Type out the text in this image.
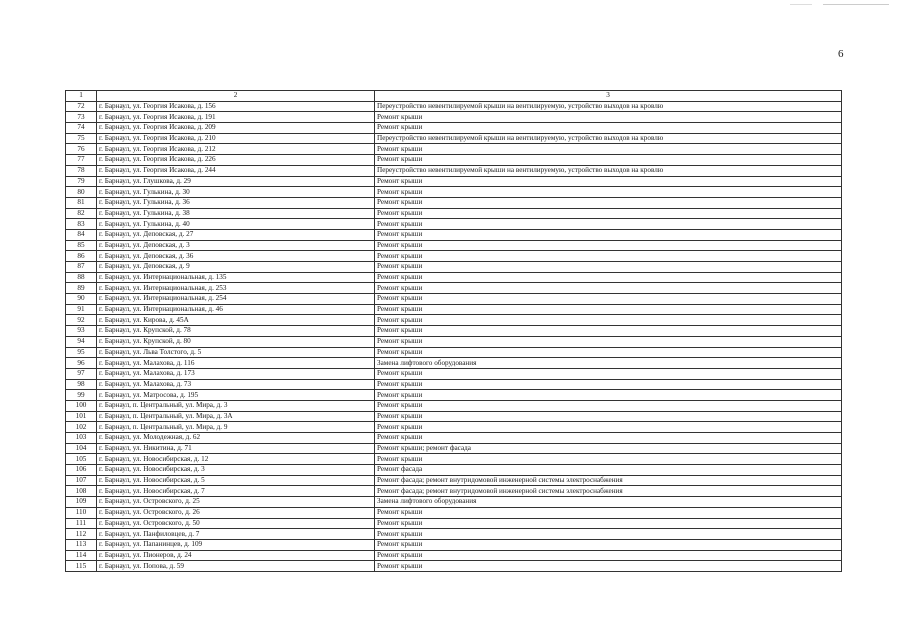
6
1	2	3
72	г. Барнаул, ул. Георгия Исакова, д. 156	Переустройство невентилируемой крыши на вентилируемую, устройство выходов на кровлю
73	г. Барнаул, ул. Георгия Исакова, д. 191	Ремонт крыши
74	г. Барнаул, ул. Георгия Исакова, д. 209	Ремонт крыши
75	г. Барнаул, ул. Георгия Исакова, д. 210	Переустройство невентилируемой крыши на вентилируемую, устройство выходов на кровлю
76	г. Барнаул, ул. Георгия Исакова, д. 212	Ремонт крыши
77	г. Барнаул, ул. Георгия Исакова, д. 226	Ремонт крыши
78	г. Барнаул, ул. Георгия Исакова, д. 244	Переустройство невентилируемой крыши на вентилируемую, устройство выходов на кровлю
79	г. Барнаул, ул. Глушкова, д. 29	Ремонт крыши
80	г. Барнаул, ул. Гулькина, д. 30	Ремонт крыши
81	г. Барнаул, ул. Гулькина, д. 36	Ремонт крыши
82	г. Барнаул, ул. Гулькина, д. 38	Ремонт крыши
83	г. Барнаул, ул. Гулькина, д. 40	Ремонт крыши
84	г. Барнаул, ул. Деповская, д. 27	Ремонт крыши
85	г. Барнаул, ул. Деповская, д. 3	Ремонт крыши
86	г. Барнаул, ул. Деповская, д. 36	Ремонт крыши
87	г. Барнаул, ул. Деповская, д. 9	Ремонт крыши
88	г. Барнаул, ул. Интернациональная, д. 135	Ремонт крыши
89	г. Барнаул, ул. Интернациональная, д. 253	Ремонт крыши
90	г. Барнаул, ул. Интернациональная, д. 254	Ремонт крыши
91	г. Барнаул, ул. Интернациональная, д. 46	Ремонт крыши
92	г. Барнаул, ул. Кирова, д. 45А	Ремонт крыши
93	г. Барнаул, ул. Крупской, д. 78	Ремонт крыши
94	г. Барнаул, ул. Крупской, д. 80	Ремонт крыши
95	г. Барнаул, ул. Льва Толстого, д. 5	Ремонт крыши
96	г. Барнаул, ул. Малахова, д. 116	Замена лифтового оборудования
97	г. Барнаул, ул. Малахова, д. 173	Ремонт крыши
98	г. Барнаул, ул. Малахова, д. 73	Ремонт крыши
99	г. Барнаул, ул. Матросова, д. 195	Ремонт крыши
100	г. Барнаул, п. Центральный, ул. Мира, д. 3	Ремонт крыши
101	г. Барнаул, п. Центральный, ул. Мира, д. 3А	Ремонт крыши
102	г. Барнаул, п. Центральный, ул. Мира, д. 9	Ремонт крыши
103	г. Барнаул, ул. Молодежная, д. 62	Ремонт крыши
104	г. Барнаул, ул. Никитина, д. 71	Ремонт крыши; ремонт фасада
105	г. Барнаул, ул. Новосибирская, д. 12	Ремонт крыши
106	г. Барнаул, ул. Новосибирская, д. 3	Ремонт фасада
107	г. Барнаул, ул. Новосибирская, д. 5	Ремонт фасада; ремонт внутридомовой инженерной системы электроснабжения
108	г. Барнаул, ул. Новосибирская, д. 7	Ремонт фасада; ремонт внутридомовой инженерной системы электроснабжения
109	г. Барнаул, ул. Островского, д. 25	Замена лифтового оборудования
110	г. Барнаул, ул. Островского, д. 26	Ремонт крыши
111	г. Барнаул, ул. Островского, д. 50	Ремонт крыши
112	г. Барнаул, ул. Панфиловцев, д. 7	Ремонт крыши
113	г. Барнаул, ул. Папанинцев, д. 109	Ремонт крыши
114	г. Барнаул, ул. Пионеров, д. 24	Ремонт крыши
115	г. Барнаул, ул. Попова, д. 59	Ремонт крыши
